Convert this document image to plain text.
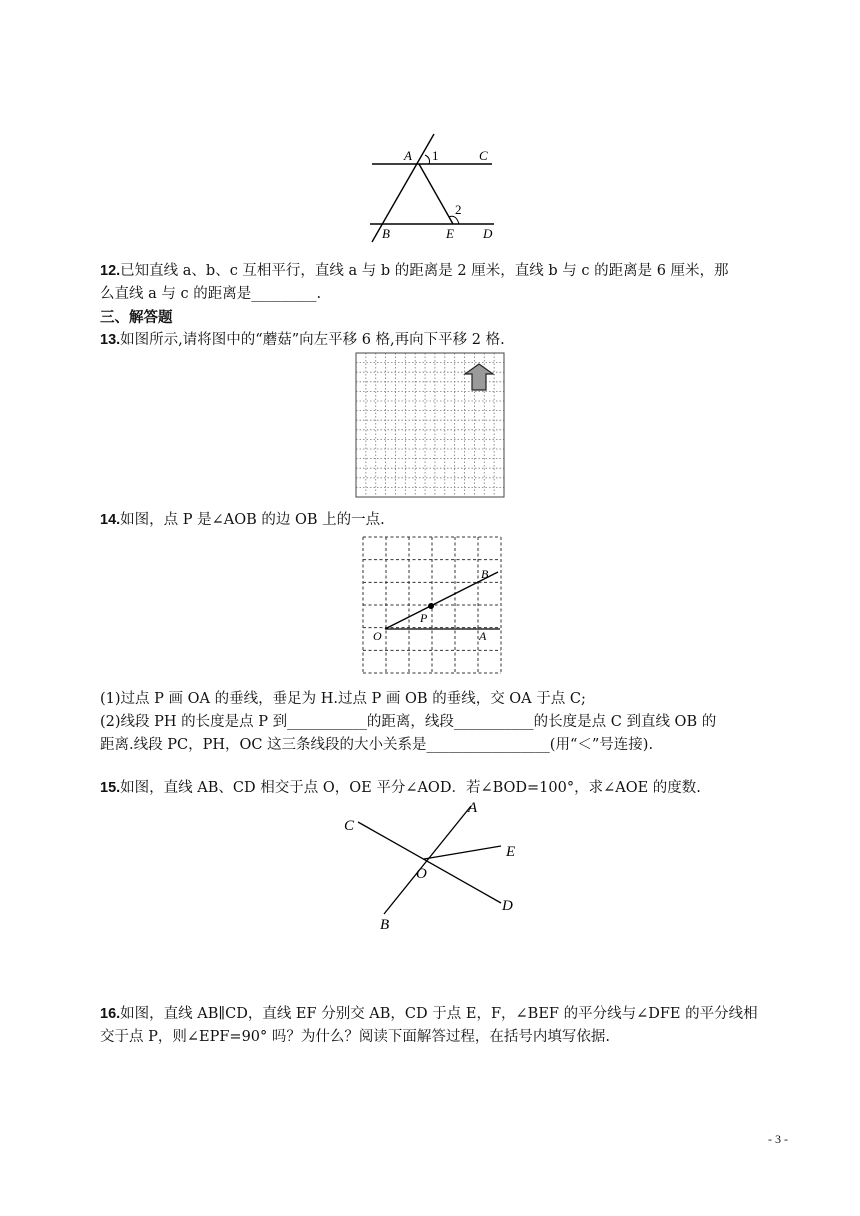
A 1	C
2
B	E D
12.已知直线 a、b、c 互相平行，直线 a 与 b 的距离是 2 厘米，直线 b 与 c 的距离是 6 厘米，那
么直线 a 与 c 的距离是_________.
三、解答题
13.如图所示,请将图中的“蘑菇”向左平移 6 格,再向下平移 2 格.
14.如图，点 P 是∠AOB 的边 OB 上的一点.
O	A
B
P
(1)过点 P 画 OA 的垂线，垂足为 H.过点 P 画 OB 的垂线，交 OA 于点 C;
(2)线段 PH 的长度是点 P 到___________的距离，线段___________的长度是点 C 到直线 OB 的
距离.线段 PC，PH，OC 这三条线段的大小关系是_________________(用“＜”号连接).
15.如图，直线 AB、CD 相交于点 O，OE 平分∠AOD．若∠BOD=100°，求∠AOE 的度数.
A
C
E
O
D
B
16.如图，直线 AB∥CD，直线 EF 分别交 AB，CD 于点 E，F，∠BEF 的平分线与∠DFE 的平分线相
交于点 P，则∠EPF=90° 吗？为什么？阅读下面解答过程，在括号内填写依据.
- 3 -
